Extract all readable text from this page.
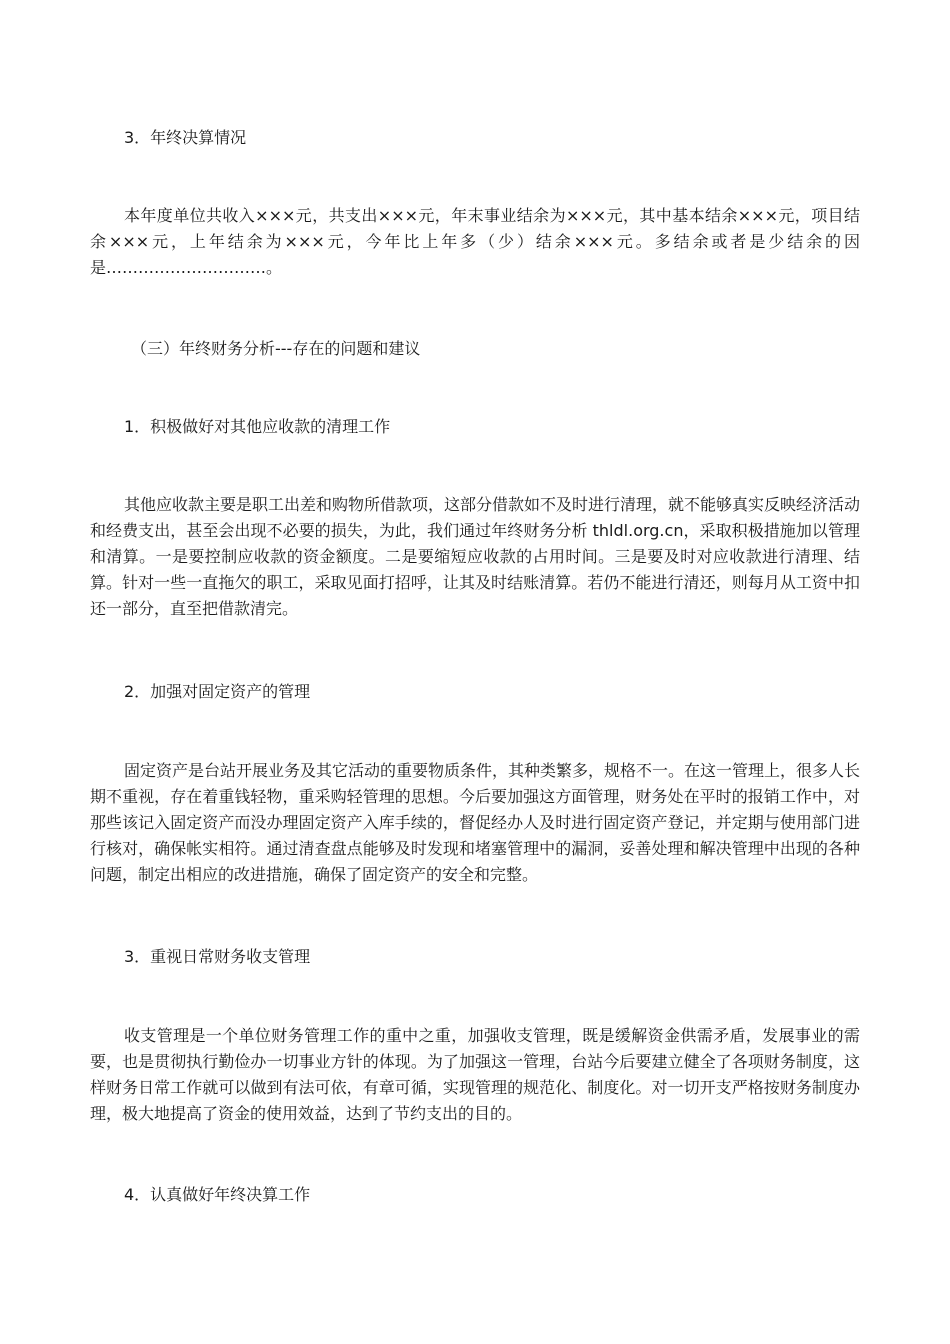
3．年终决算情况

本年度单位共收入×××元，共支出×××元，年末事业结余为×××元，其中基本结余×××元，项目结余×××元，上年结余为×××元，今年比上年多（少）结余×××元。多结余或者是少结余的因是…………………………。

（三）年终财务分析---存在的问题和建议

1．积极做好对其他应收款的清理工作

其他应收款主要是职工出差和购物所借款项，这部分借款如不及时进行清理，就不能够真实反映经济活动和经费支出，甚至会出现不必要的损失，为此，我们通过年终财务分析 thldl.org.cn，采取积极措施加以管理和清算。一是要控制应收款的资金额度。二是要缩短应收款的占用时间。三是要及时对应收款进行清理、结算。针对一些一直拖欠的职工，采取见面打招呼，让其及时结账清算。若仍不能进行清还，则每月从工资中扣还一部分，直至把借款清完。

2．加强对固定资产的管理

固定资产是台站开展业务及其它活动的重要物质条件，其种类繁多，规格不一。在这一管理上，很多人长期不重视，存在着重钱轻物，重采购轻管理的思想。今后要加强这方面管理，财务处在平时的报销工作中，对那些该记入固定资产而没办理固定资产入库手续的，督促经办人及时进行固定资产登记，并定期与使用部门进行核对，确保帐实相符。通过清查盘点能够及时发现和堵塞管理中的漏洞，妥善处理和解决管理中出现的各种问题，制定出相应的改进措施，确保了固定资产的安全和完整。

3．重视日常财务收支管理

收支管理是一个单位财务管理工作的重中之重，加强收支管理，既是缓解资金供需矛盾，发展事业的需要，也是贯彻执行勤俭办一切事业方针的体现。为了加强这一管理，台站今后要建立健全了各项财务制度，这样财务日常工作就可以做到有法可依，有章可循，实现管理的规范化、制度化。对一切开支严格按财务制度办理，极大地提高了资金的使用效益，达到了节约支出的目的。

4．认真做好年终决算工作
